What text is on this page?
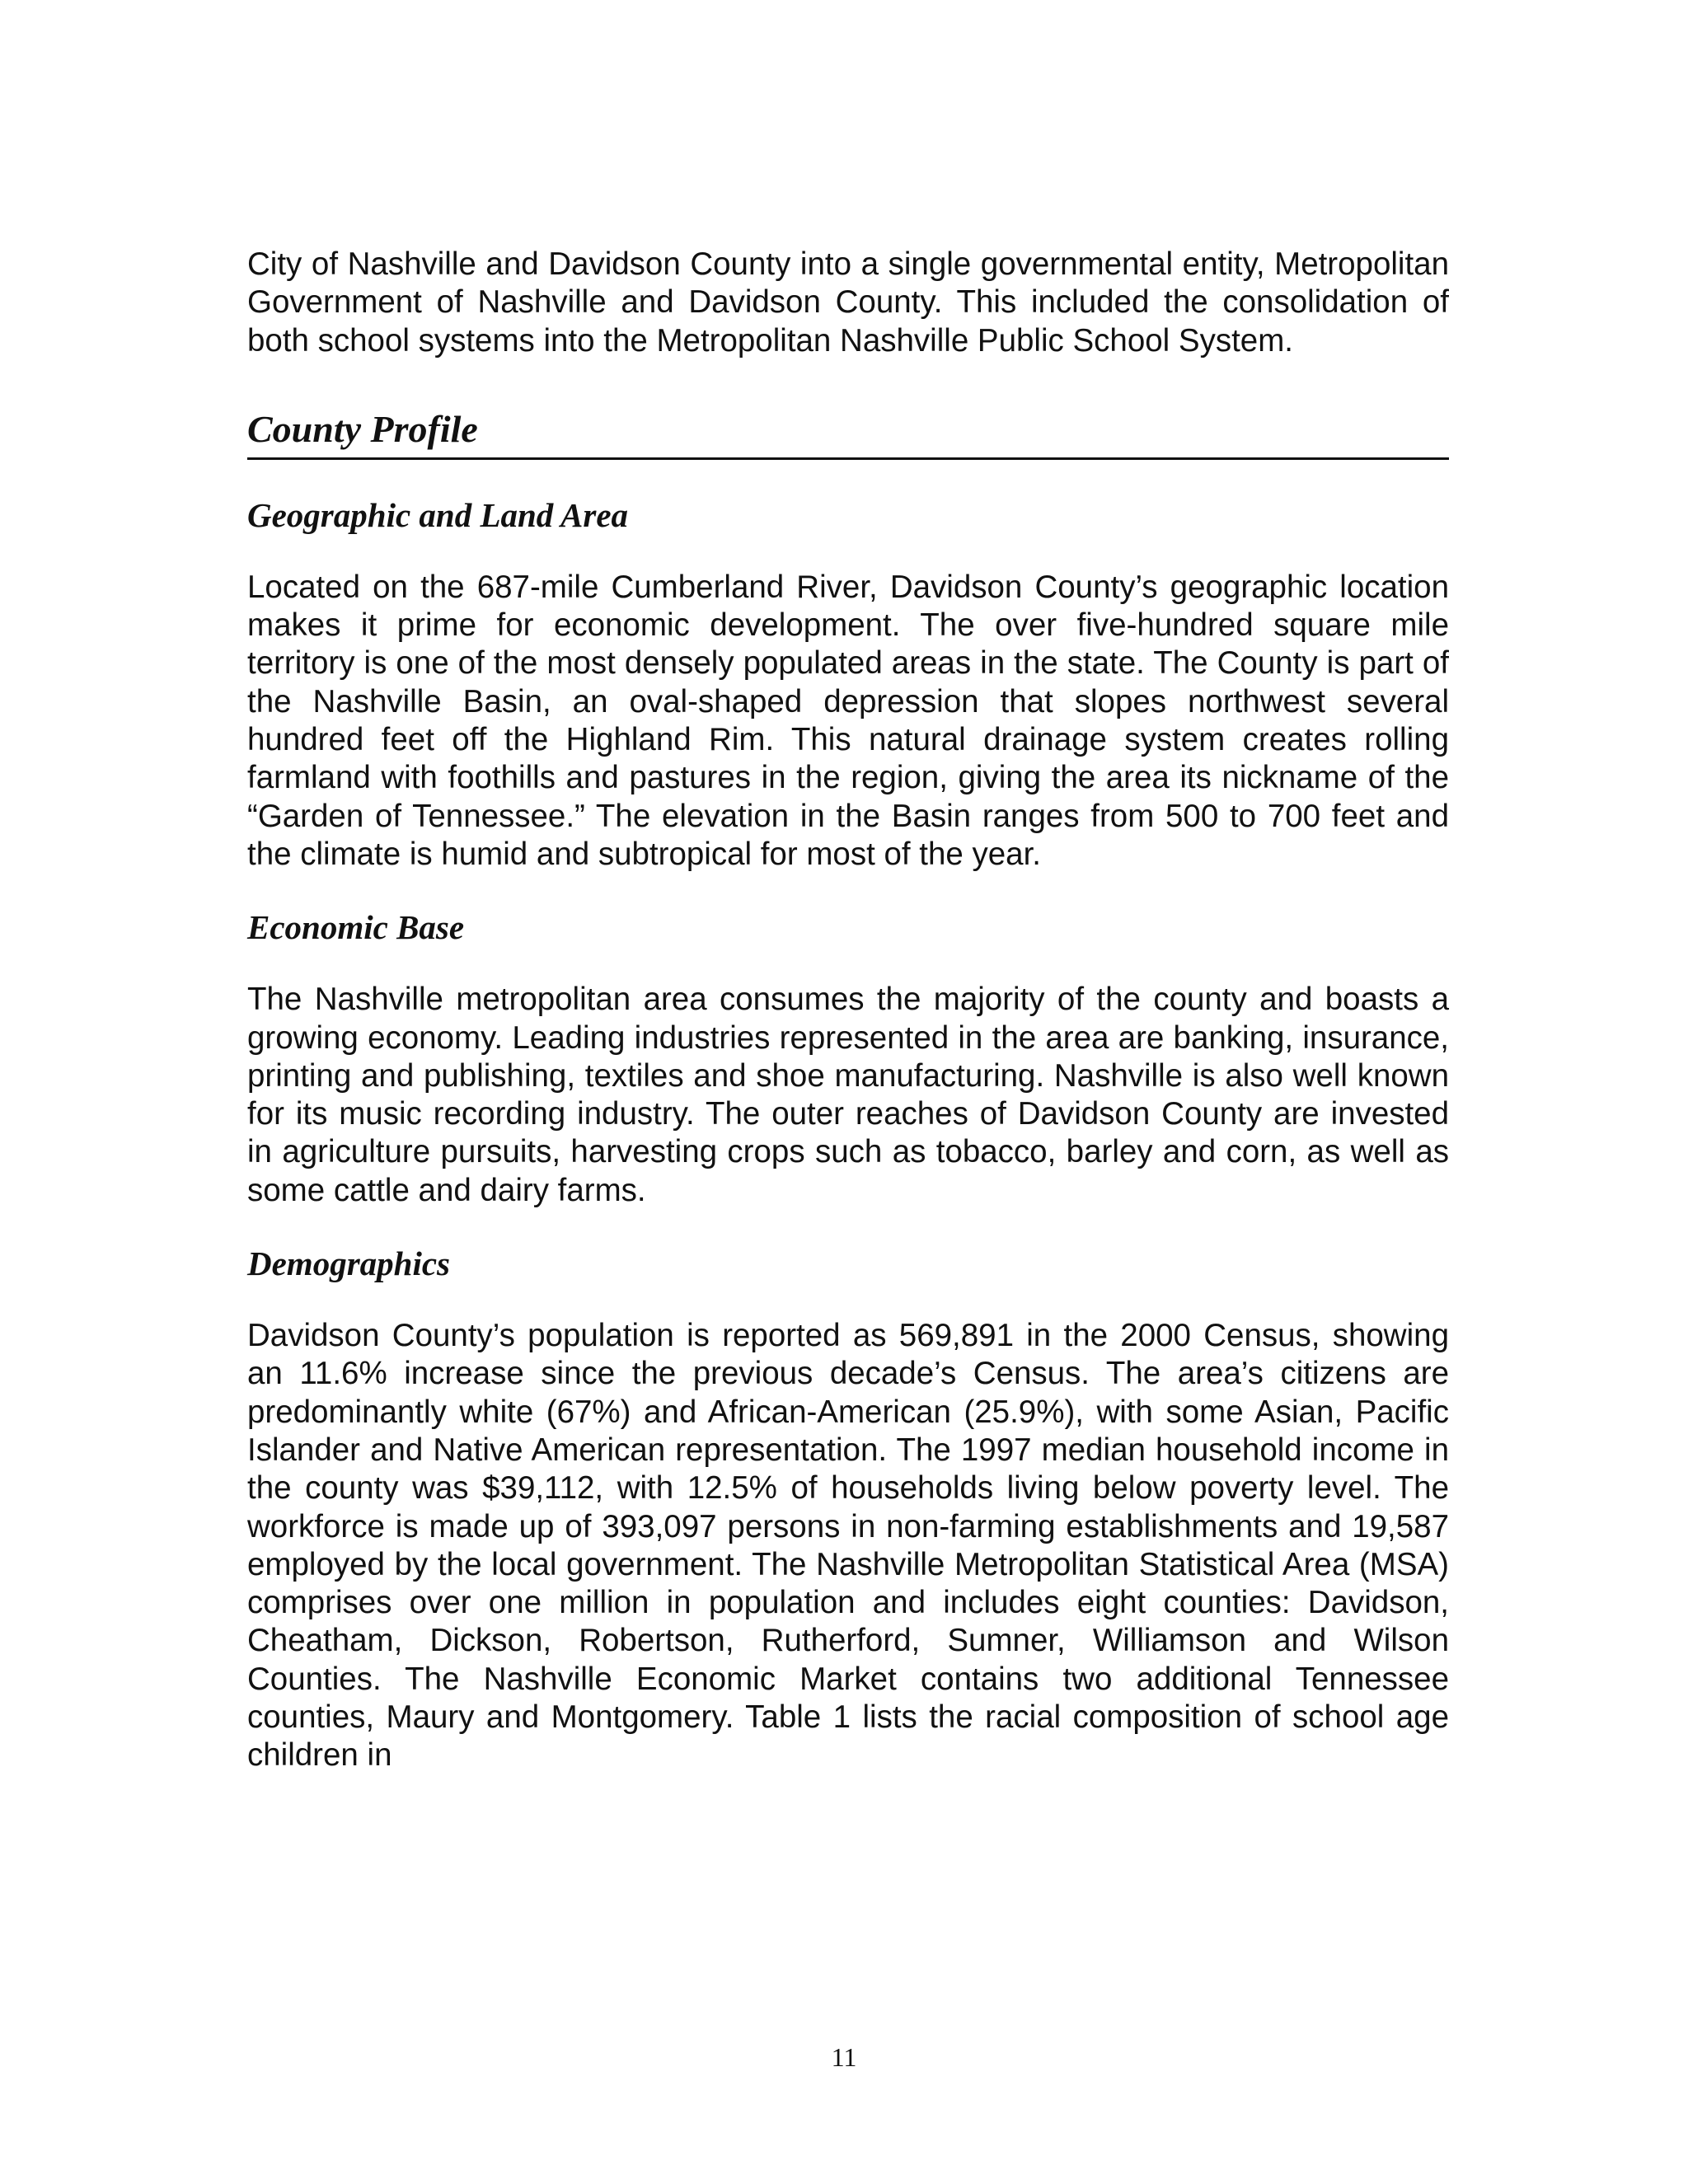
City of Nashville and Davidson County into a single governmental entity, Metropolitan Government of Nashville and Davidson County. This included the consolidation of both school systems into the Metropolitan Nashville Public School System.

County Profile
Geographic and Land Area

Located on the 687-mile Cumberland River, Davidson County’s geographic location makes it prime for economic development. The over five-hundred square mile territory is one of the most densely populated areas in the state. The County is part of the Nashville Basin, an oval-shaped depression that slopes northwest several hundred feet off the Highland Rim. This natural drainage system creates rolling farmland with foothills and pastures in the region, giving the area its nickname of the “Garden of Tennessee.” The elevation in the Basin ranges from 500 to 700 feet and the climate is humid and subtropical for most of the year.

Economic Base

The Nashville metropolitan area consumes the majority of the county and boasts a growing economy. Leading industries represented in the area are banking, insurance, printing and publishing, textiles and shoe manufacturing. Nashville is also well known for its music recording industry. The outer reaches of Davidson County are invested in agriculture pursuits, harvesting crops such as tobacco, barley and corn, as well as some cattle and dairy farms.

Demographics

Davidson County’s population is reported as 569,891 in the 2000 Census, showing an 11.6% increase since the previous decade’s Census. The area’s citizens are predominantly white (67%) and African-American (25.9%), with some Asian, Pacific Islander and Native American representation. The 1997 median household income in the county was $39,112, with 12.5% of households living below poverty level. The workforce is made up of 393,097 persons in non-farming establishments and 19,587 employed by the local government. The Nashville Metropolitan Statistical Area (MSA) comprises over one million in population and includes eight counties: Davidson, Cheatham, Dickson, Robertson, Rutherford, Sumner, Williamson and Wilson Counties. The Nashville Economic Market contains two additional Tennessee counties, Maury and Montgomery. Table 1 lists the racial composition of school age children in

11
